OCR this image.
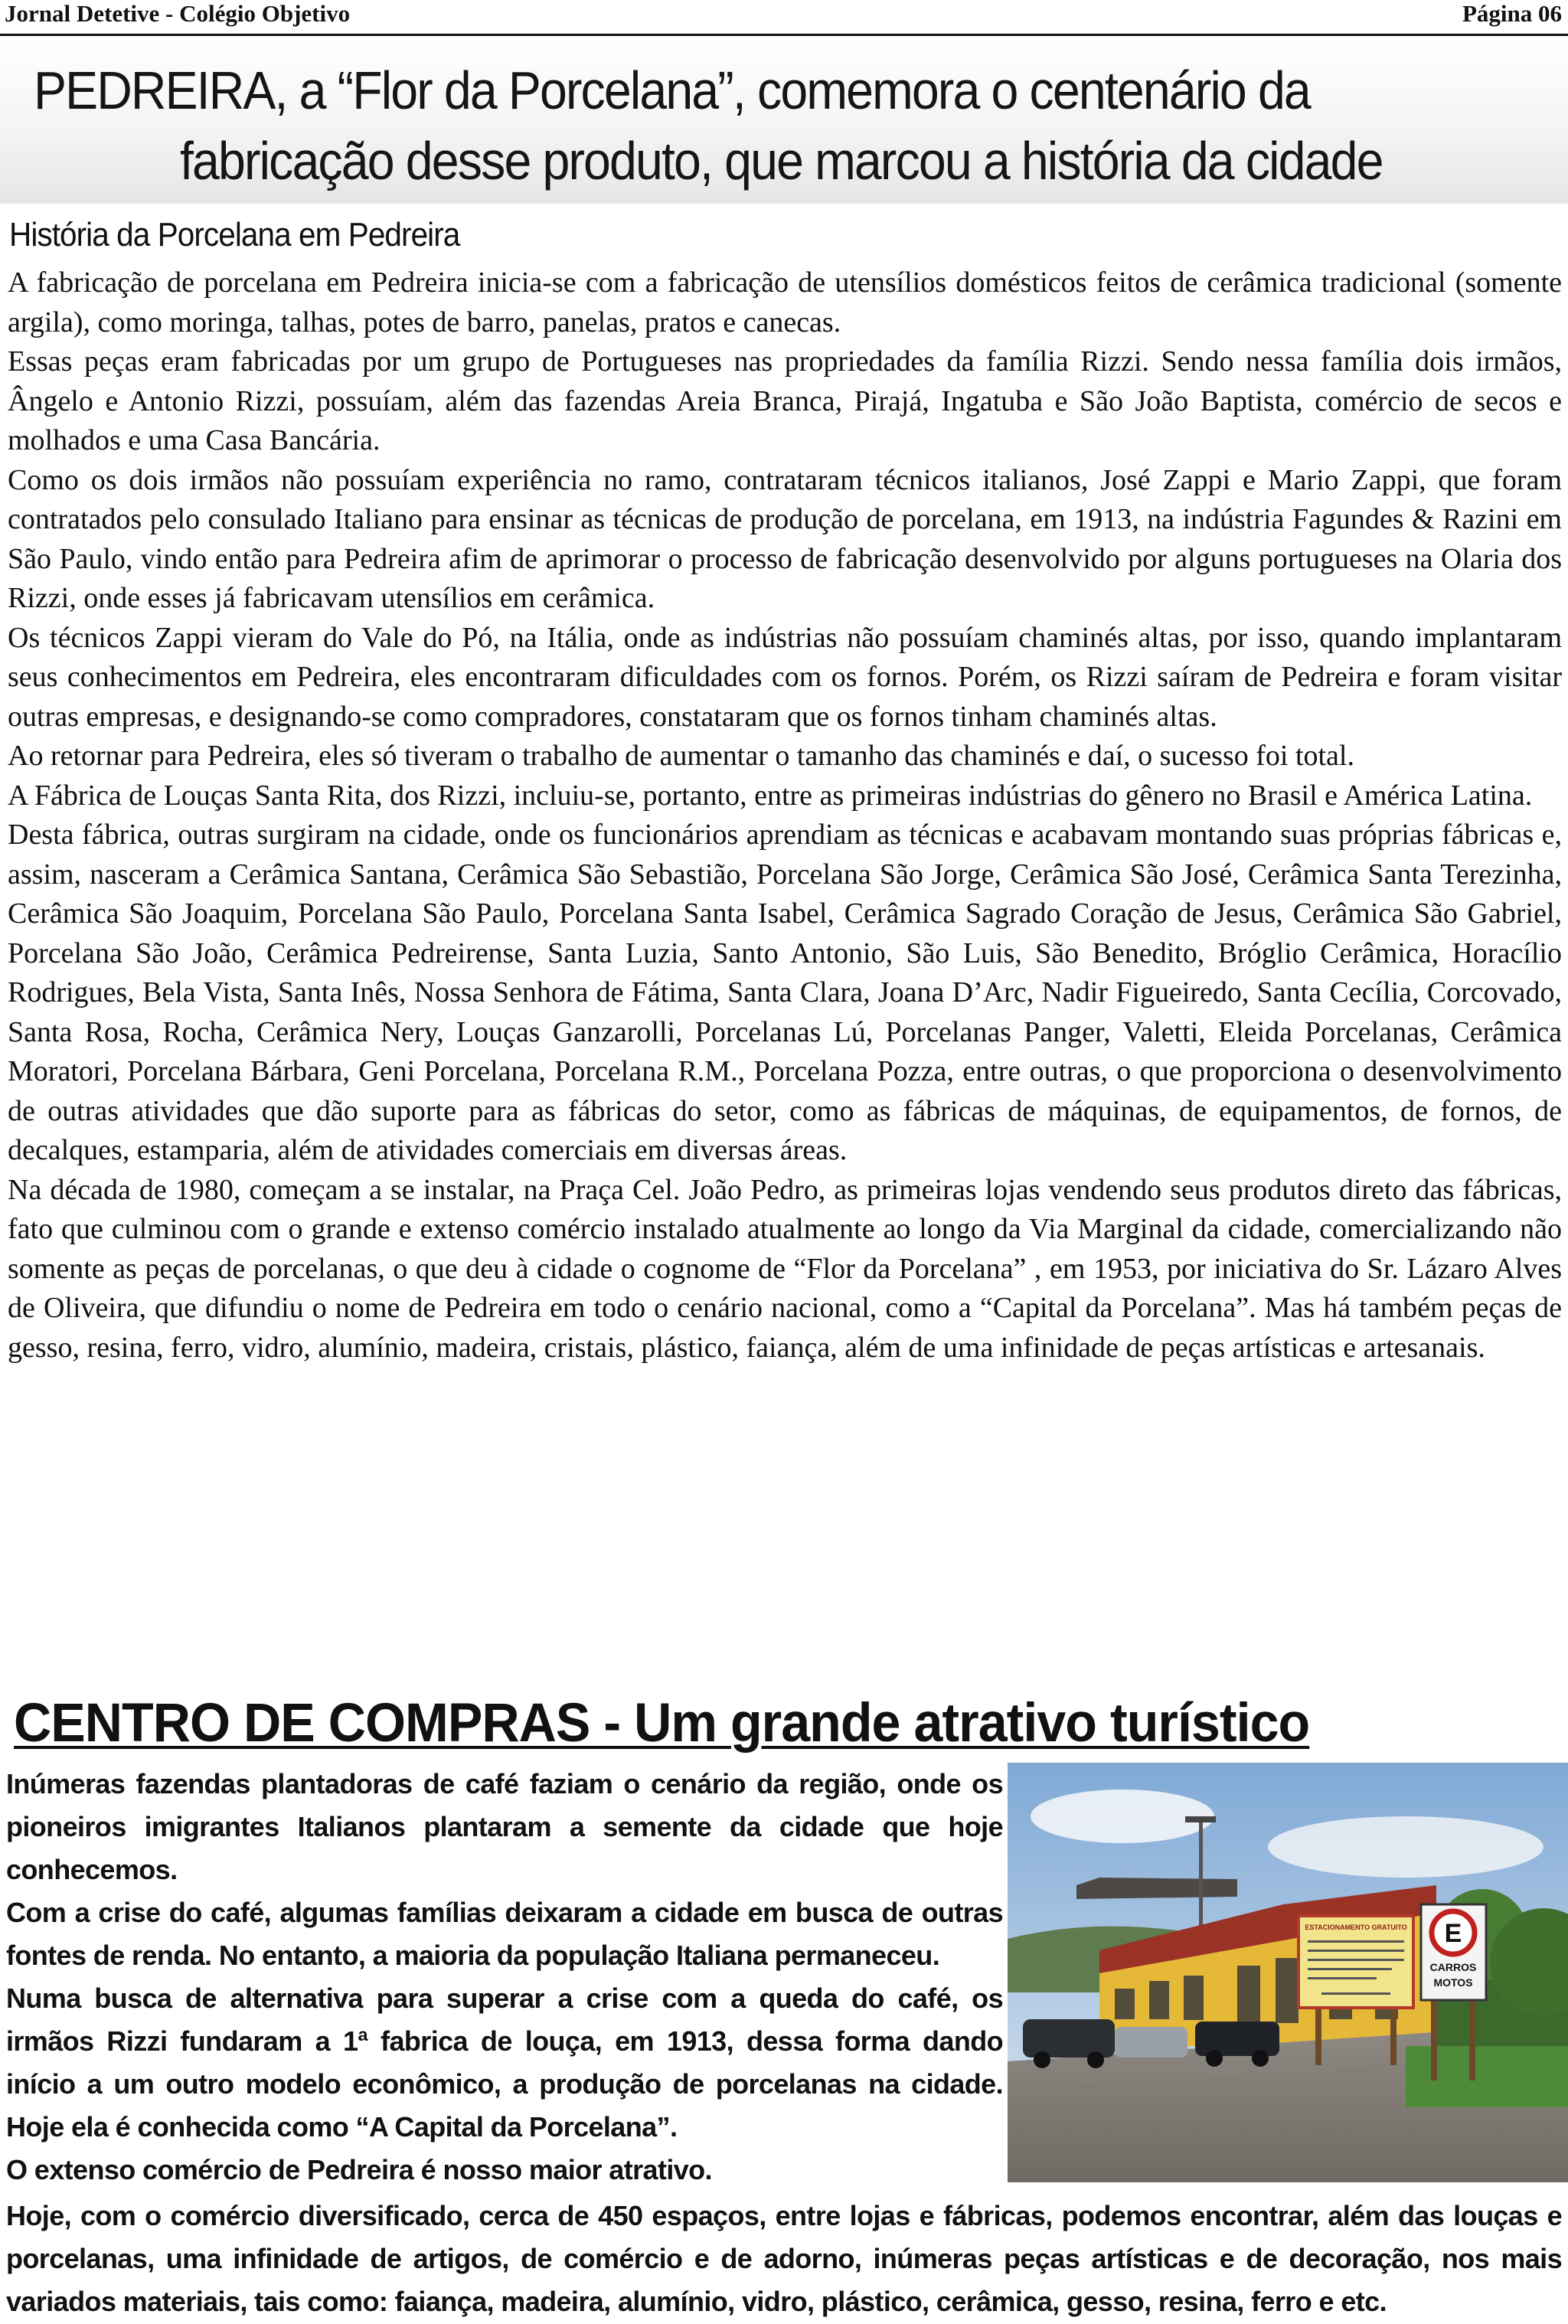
Jornal Detetive - Colégio Objetivo	Página 06
PEDREIRA, a “Flor da Porcelana”, comemora o centenário da
fabricação desse produto, que marcou a história da cidade
História da Porcelana em Pedreira

A fabricação de porcelana em Pedreira inicia-se com a fabricação de utensílios domésticos feitos de cerâmica tradicional (somente argila), como moringa, talhas, potes de barro, panelas, pratos e canecas.

Essas peças eram fabricadas por um grupo de Portugueses nas propriedades da família Rizzi. Sendo nessa família dois irmãos, Ângelo e Antonio Rizzi, possuíam, além das fazendas Areia Branca, Pirajá, Ingatuba e São João Baptista, comércio de secos e molhados e uma Casa Bancária.

Como os dois irmãos não possuíam experiência no ramo, contrataram técnicos italianos, José Zappi e Mario Zappi, que foram contratados pelo consulado Italiano para ensinar as técnicas de produção de porcelana, em 1913, na indústria Fagundes & Razini em São Paulo, vindo então para Pedreira afim de aprimorar o processo de fabricação desenvolvido por alguns portugueses na Olaria dos Rizzi, onde esses já fabricavam utensílios em cerâmica.

Os técnicos Zappi vieram do Vale do Pó, na Itália, onde as indústrias não possuíam chaminés altas, por isso, quando implantaram seus conhecimentos em Pedreira, eles encontraram dificuldades com os fornos. Porém, os Rizzi saíram de Pedreira e foram visitar outras empresas, e designando-se como compradores, constataram que os fornos tinham chaminés altas.

Ao retornar para Pedreira, eles só tiveram o trabalho de aumentar o tamanho das chaminés e daí, o sucesso foi total.

A Fábrica de Louças Santa Rita, dos Rizzi, incluiu-se, portanto, entre as primeiras indústrias do gênero no Brasil e América Latina.

Desta fábrica, outras surgiram na cidade, onde os funcionários aprendiam as técnicas e acabavam montando suas próprias fábricas e, assim, nasceram a Cerâmica Santana, Cerâmica São Sebastião, Porcelana São Jorge, Cerâmica São José, Cerâmica Santa Terezinha, Cerâmica São Joaquim, Porcelana São Paulo, Porcelana Santa Isabel, Cerâmica Sagrado Coração de Jesus, Cerâmica São Gabriel, Porcelana São João, Cerâmica Pedreirense, Santa Luzia, Santo Antonio, São Luis, São Benedito, Bróglio Cerâmica, Horacílio Rodrigues, Bela Vista, Santa Inês, Nossa Senhora de Fátima, Santa Clara, Joana D’Arc, Nadir Figueiredo, Santa Cecília, Corcovado, Santa Rosa, Rocha, Cerâmica Nery, Louças Ganzarolli, Porcelanas Lú, Porcelanas Panger, Valetti, Eleida Porcelanas, Cerâmica Moratori, Porcelana Bárbara, Geni Porcelana, Porcelana R.M., Porcelana Pozza, entre outras, o que proporciona o desenvolvimento de outras atividades que dão suporte para as fábricas do setor, como as fábricas de máquinas, de equipamentos, de fornos, de decalques, estamparia, além de atividades comerciais em diversas áreas.

Na década de 1980, começam a se instalar, na Praça Cel. João Pedro, as primeiras lojas vendendo seus produtos direto das fábricas, fato que culminou com o grande e extenso comércio instalado atualmente ao longo da Via Marginal da cidade, comercializando não somente as peças de porcelanas, o que deu à cidade o cognome de “Flor da Porcelana” , em 1953, por iniciativa do Sr. Lázaro Alves de Oliveira, que difundiu o nome de Pedreira em todo o cenário nacional, como a “Capital da Porcelana”. Mas há também peças de gesso, resina, ferro, vidro, alumínio, madeira, cristais, plástico, faiança, além de uma infinidade de peças artísticas e artesanais.

CENTRO DE COMPRAS - Um grande atrativo turístico

Inúmeras fazendas plantadoras de café faziam o cenário da região, onde os pioneiros imigrantes Italianos plantaram a semente da cidade que hoje conhecemos.

Com a crise do café, algumas famílias deixaram a cidade em busca de outras fontes de renda. No entanto, a maioria da população Italiana permaneceu.

Numa busca de alternativa para superar a crise com a queda do café, os irmãos Rizzi fundaram a 1ª fabrica de louça, em 1913, dessa forma dando início a um outro modelo econômico, a produção de porcelanas na cidade. Hoje ela é conhecida como “A Capital da Porcelana”.

O extenso comércio de Pedreira é nosso maior atrativo.

Hoje, com o comércio diversificado, cerca de 450 espaços, entre lojas e fábricas, podemos encontrar, além das louças e porcelanas, uma infinidade de artigos, de comércio e de adorno, inúmeras peças artísticas e de decoração, nos mais variados materiais, tais como: faiança, madeira, alumínio, vidro, plástico, cerâmica, gesso, resina, ferro e etc.

ESTACIONAMENTO GRATUITO E
CARROS
MOTOS
